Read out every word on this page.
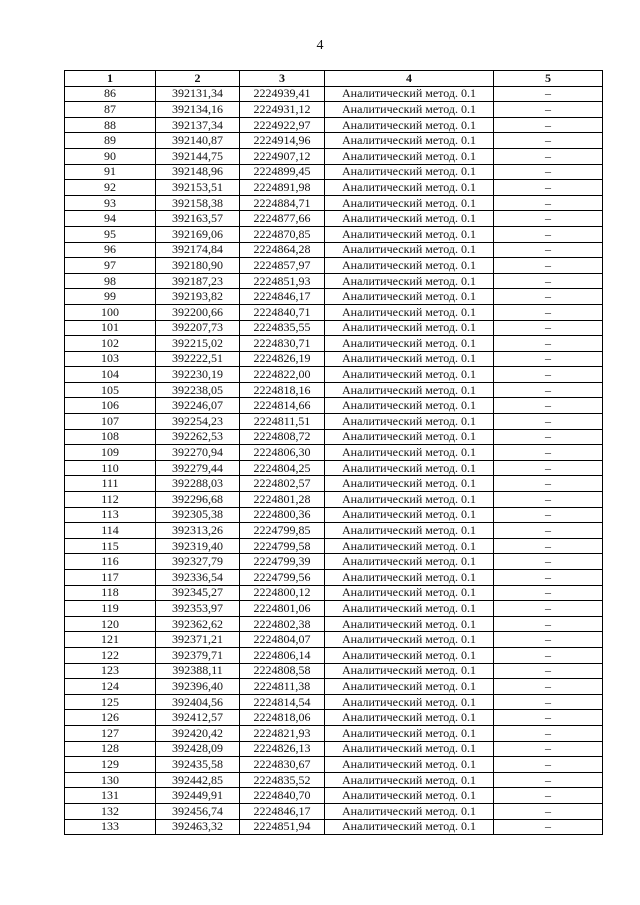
4
1	2	3	4	5
86	392131,34	2224939,41	Аналитический метод. 0.1	–
87	392134,16	2224931,12	Аналитический метод. 0.1	–
88	392137,34	2224922,97	Аналитический метод. 0.1	–
89	392140,87	2224914,96	Аналитический метод. 0.1	–
90	392144,75	2224907,12	Аналитический метод. 0.1	–
91	392148,96	2224899,45	Аналитический метод. 0.1	–
92	392153,51	2224891,98	Аналитический метод. 0.1	–
93	392158,38	2224884,71	Аналитический метод. 0.1	–
94	392163,57	2224877,66	Аналитический метод. 0.1	–
95	392169,06	2224870,85	Аналитический метод. 0.1	–
96	392174,84	2224864,28	Аналитический метод. 0.1	–
97	392180,90	2224857,97	Аналитический метод. 0.1	–
98	392187,23	2224851,93	Аналитический метод. 0.1	–
99	392193,82	2224846,17	Аналитический метод. 0.1	–
100	392200,66	2224840,71	Аналитический метод. 0.1	–
101	392207,73	2224835,55	Аналитический метод. 0.1	–
102	392215,02	2224830,71	Аналитический метод. 0.1	–
103	392222,51	2224826,19	Аналитический метод. 0.1	–
104	392230,19	2224822,00	Аналитический метод. 0.1	–
105	392238,05	2224818,16	Аналитический метод. 0.1	–
106	392246,07	2224814,66	Аналитический метод. 0.1	–
107	392254,23	2224811,51	Аналитический метод. 0.1	–
108	392262,53	2224808,72	Аналитический метод. 0.1	–
109	392270,94	2224806,30	Аналитический метод. 0.1	–
110	392279,44	2224804,25	Аналитический метод. 0.1	–
111	392288,03	2224802,57	Аналитический метод. 0.1	–
112	392296,68	2224801,28	Аналитический метод. 0.1	–
113	392305,38	2224800,36	Аналитический метод. 0.1	–
114	392313,26	2224799,85	Аналитический метод. 0.1	–
115	392319,40	2224799,58	Аналитический метод. 0.1	–
116	392327,79	2224799,39	Аналитический метод. 0.1	–
117	392336,54	2224799,56	Аналитический метод. 0.1	–
118	392345,27	2224800,12	Аналитический метод. 0.1	–
119	392353,97	2224801,06	Аналитический метод. 0.1	–
120	392362,62	2224802,38	Аналитический метод. 0.1	–
121	392371,21	2224804,07	Аналитический метод. 0.1	–
122	392379,71	2224806,14	Аналитический метод. 0.1	–
123	392388,11	2224808,58	Аналитический метод. 0.1	–
124	392396,40	2224811,38	Аналитический метод. 0.1	–
125	392404,56	2224814,54	Аналитический метод. 0.1	–
126	392412,57	2224818,06	Аналитический метод. 0.1	–
127	392420,42	2224821,93	Аналитический метод. 0.1	–
128	392428,09	2224826,13	Аналитический метод. 0.1	–
129	392435,58	2224830,67	Аналитический метод. 0.1	–
130	392442,85	2224835,52	Аналитический метод. 0.1	–
131	392449,91	2224840,70	Аналитический метод. 0.1	–
132	392456,74	2224846,17	Аналитический метод. 0.1	–
133	392463,32	2224851,94	Аналитический метод. 0.1	–
